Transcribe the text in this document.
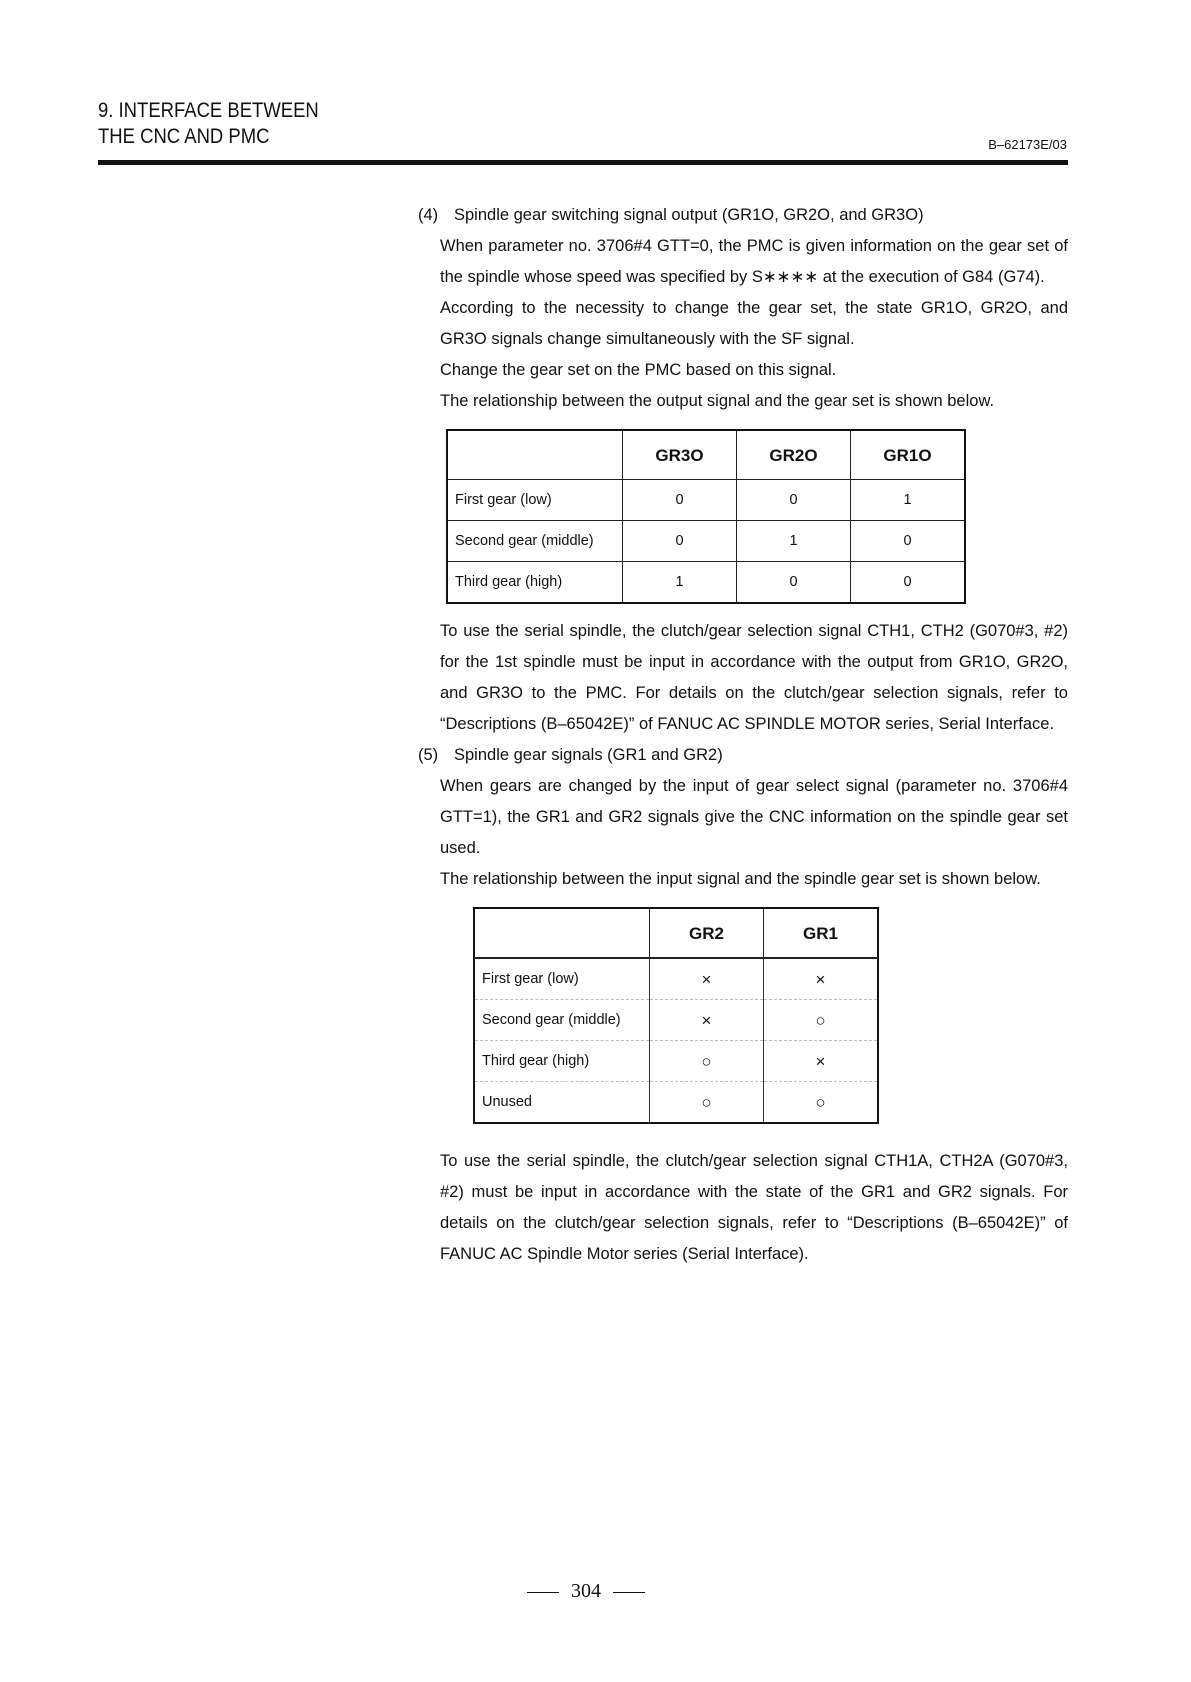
9. INTERFACE BETWEEN
THE CNC AND PMC	B–62173E/03
(4) Spindle gear switching signal output (GR1O, GR2O, and GR3O)

When parameter no. 3706#4 GTT=0, the PMC is given information on the gear set of the spindle whose speed was specified by S∗∗∗∗ at the execution of G84 (G74).

According to the necessity to change the gear set, the state GR1O, GR2O, and GR3O signals change simultaneously with the SF signal.

Change the gear set on the PMC based on this signal.

The relationship between the output signal and the gear set is shown below.

	GR3O	GR2O	GR1O
First gear (low)	0	0	1
Second gear (middle)	0	1	0
Third gear (high)	1	0	0

To use the serial spindle, the clutch/gear selection signal CTH1, CTH2 (G070#3, #2) for the 1st spindle must be input in accordance with the output from GR1O, GR2O, and GR3O to the PMC. For details on the clutch/gear selection signals, refer to “Descriptions (B–65042E)” of FANUC AC SPINDLE MOTOR series, Serial Interface.

(5) Spindle gear signals (GR1 and GR2)

When gears are changed by the input of gear select signal (parameter no. 3706#4 GTT=1), the GR1 and GR2 signals give the CNC information on the spindle gear set used.

The relationship between the input signal and the spindle gear set is shown below.

	GR2	GR1
First gear (low)	×	×
Second gear (middle)	×	○
Third gear (high)	○	×
Unused	○	○

To use the serial spindle, the clutch/gear selection signal CTH1A, CTH2A (G070#3, #2) must be input in accordance with the state of the GR1 and GR2 signals. For details on the clutch/gear selection signals, refer to “Descriptions (B–65042E)” of FANUC AC Spindle Motor series (Serial Interface).

304
